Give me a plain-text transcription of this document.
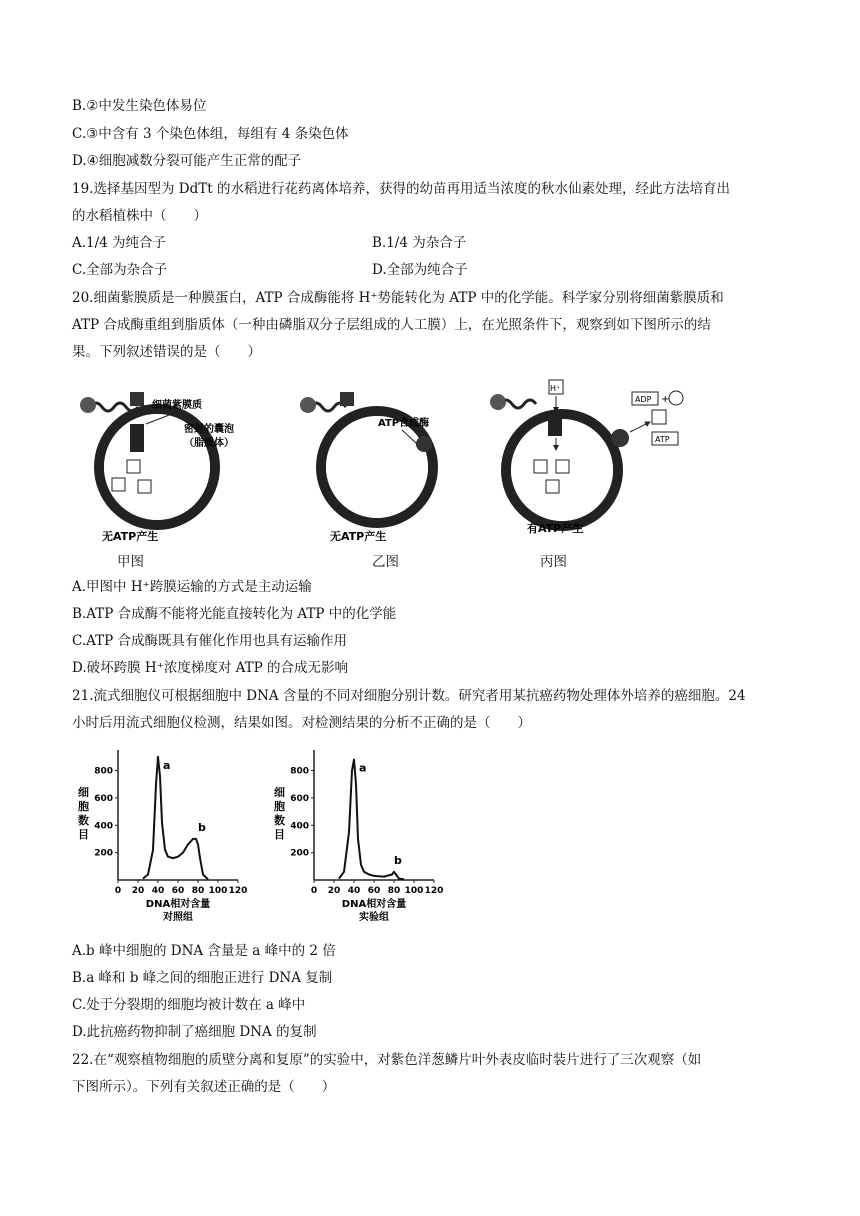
B.②中发生染色体易位
C.③中含有 3 个染色体组，每组有 4 条染色体
D.④细胞减数分裂可能产生正常的配子
19.选择基因型为 DdTt 的水稻进行花药离体培养，获得的幼苗再用适当浓度的秋水仙素处理，经此方法培育出
的水稻植株中（　　）
A.1/4 为纯合子	B.1/4 为杂合子
C.全部为杂合子	D.全部为纯合子
20.细菌紫膜质是一种膜蛋白，ATP 合成酶能将 H⁺势能转化为 ATP 中的化学能。科学家分别将细菌紫膜质和
ATP 合成酶重组到脂质体（一种由磷脂双分子层组成的人工膜）上，在光照条件下，观察到如下图所示的结
果。下列叙述错误的是（　　）
细菌紫膜质
密封的囊泡
（脂质体）
无ATP产生
ATP合成酶
无ATP产生
H⁺
ADP +
ATP
有ATP产生
甲图	乙图	丙图
A.甲图中 H⁺跨膜运输的方式是主动运输
B.ATP 合成酶不能将光能直接转化为 ATP 中的化学能
C.ATP 合成酶既具有催化作用也具有运输作用
D.破坏跨膜 H⁺浓度梯度对 ATP 的合成无影响
21.流式细胞仪可根据细胞中 DNA 含量的不同对细胞分别计数。研究者用某抗癌药物处理体外培养的癌细胞。24
小时后用流式细胞仪检测，结果如图。对检测结果的分析不正确的是（　　）
200
400
600
800
0 20 40 60 80 100 120
细胞数目
DNA相对含量
对照组
a
b
200
400
600
800
0 20 40 60 80 100 120
细胞数目
DNA相对含量
实验组
a
b
A.b 峰中细胞的 DNA 含量是 a 峰中的 2 倍
B.a 峰和 b 峰之间的细胞正进行 DNA 复制
C.处于分裂期的细胞均被计数在 a 峰中
D.此抗癌药物抑制了癌细胞 DNA 的复制
22.在“观察植物细胞的质壁分离和复原”的实验中，对紫色洋葱鳞片叶外表皮临时装片进行了三次观察（如
下图所示）。下列有关叙述正确的是（　　）
